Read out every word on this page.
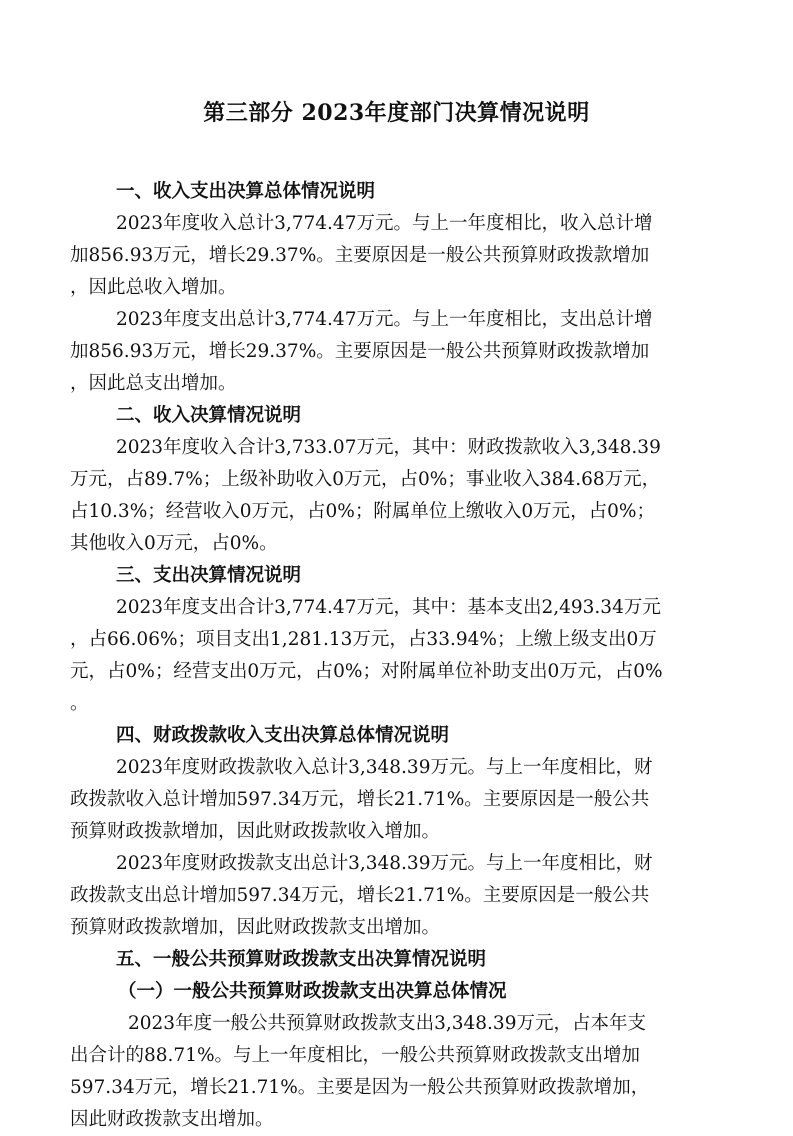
第三部分 2023年度部门决算情况说明
一、收入支出决算总体情况说明
2023年度收入总计3,774.47万元。与上一年度相比，收入总计增
加856.93万元，增长29.37%。主要原因是一般公共预算财政拨款增加
，因此总收入增加。
2023年度支出总计3,774.47万元。与上一年度相比，支出总计增
加856.93万元，增长29.37%。主要原因是一般公共预算财政拨款增加
，因此总支出增加。
二、收入决算情况说明
2023年度收入合计3,733.07万元，其中：财政拨款收入3,348.39
万元，占89.7%；上级补助收入0万元，占0%；事业收入384.68万元，
占10.3%；经营收入0万元，占0%；附属单位上缴收入0万元，占0%；
其他收入0万元，占0%。
三、支出决算情况说明
2023年度支出合计3,774.47万元，其中：基本支出2,493.34万元
，占66.06%；项目支出1,281.13万元，占33.94%；上缴上级支出0万
元，占0%；经营支出0万元，占0%；对附属单位补助支出0万元，占0%
。
四、财政拨款收入支出决算总体情况说明
2023年度财政拨款收入总计3,348.39万元。与上一年度相比，财
政拨款收入总计增加597.34万元，增长21.71%。主要原因是一般公共
预算财政拨款增加，因此财政拨款收入增加。
2023年度财政拨款支出总计3,348.39万元。与上一年度相比，财
政拨款支出总计增加597.34万元，增长21.71%。主要原因是一般公共
预算财政拨款增加，因此财政拨款支出增加。
五、一般公共预算财政拨款支出决算情况说明
（一）一般公共预算财政拨款支出决算总体情况
2023年度一般公共预算财政拨款支出3,348.39万元，占本年支
出合计的88.71%。与上一年度相比，一般公共预算财政拨款支出增加
597.34万元，增长21.71%。主要是因为一般公共预算财政拨款增加，
因此财政拨款支出增加。
